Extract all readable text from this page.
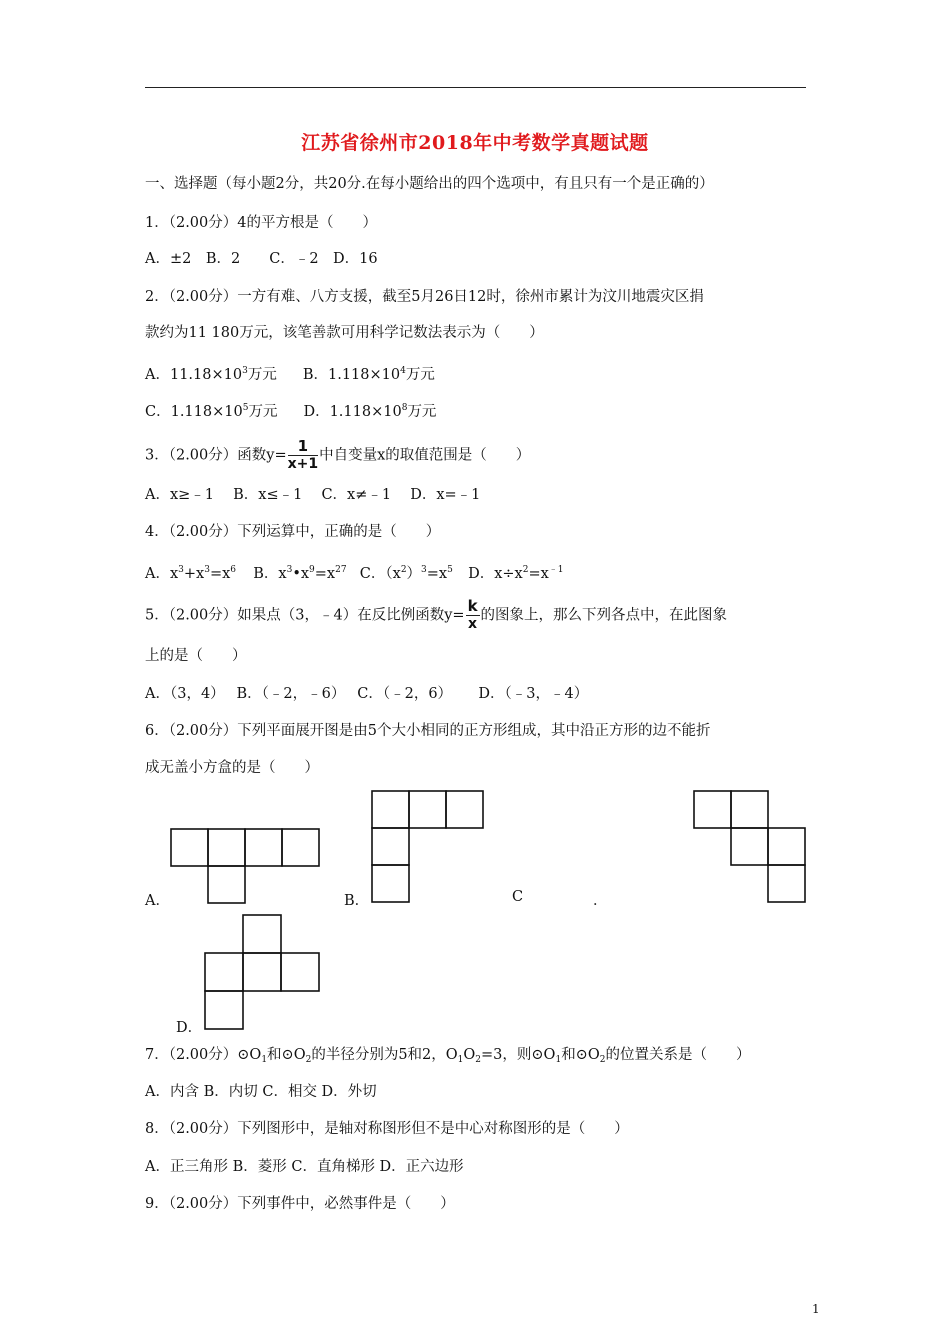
江苏省徐州市2018年中考数学真题试题
一、选择题（每小题2分，共20分.在每小题给出的四个选项中，有且只有一个是正确的）
1．（2.00分）4的平方根是（　　）
A．±2　B．2　　C．﹣2　D．16
2．（2.00分）一方有难、八方支援，截至5月26日12时，徐州市累计为汶川地震灾区捐
款约为11 180万元，该笔善款可用科学记数法表示为（　　）
A．$11.18\times 10^3$万元 B．$1.118\times 10^4$万元
C．$1.118\times 10^5$万元 D．$1.118\times 10^8$万元
3．（2.00分）函数$y= \frac{1}{x+1}$ 中自变量x的取值范围是（　　）
A．x≥﹣1　 B．x≤﹣1　 C．x≠﹣1　 D．x=﹣1
4．（2.00分）下列运算中，正确的是（　　）
A．$x^3+x^3=x^6$ B．$x^3•x^9=x^{27}$ C．$(x^2)^3=x^5$ D．$x\div x^2=x^{﹣1}$
5．（2.00分）如果点（3，﹣4）在反比例函数$y= \frac{k}{x}$ 的图象上，那么下列各点中，在此图象
上的是（　　）
A．（3，4）　 B．（﹣2，﹣6）　 C．（﹣2，6）　　 D．（﹣3，﹣4）
6．（2.00分）下列平面展开图是由5个大小相同的正方形组成，其中沿正方形的边不能折
成无盖小方盒的是（　　）
A．	B．	C	．
D．
7．（2.00分）$⊙O_1$和$⊙O_2$的半径分别为5和2，$O_1O_2=3$，则$⊙O_1$和$⊙O_2$的位置关系是（　　）
A．内含 B．内切 C．相交 D．外切
8．（2.00分）下列图形中，是轴对称图形但不是中心对称图形的是（　　）
A．正三角形 B．菱形 C．直角梯形 D．正六边形
9．（2.00分）下列事件中，必然事件是（　　）
1
